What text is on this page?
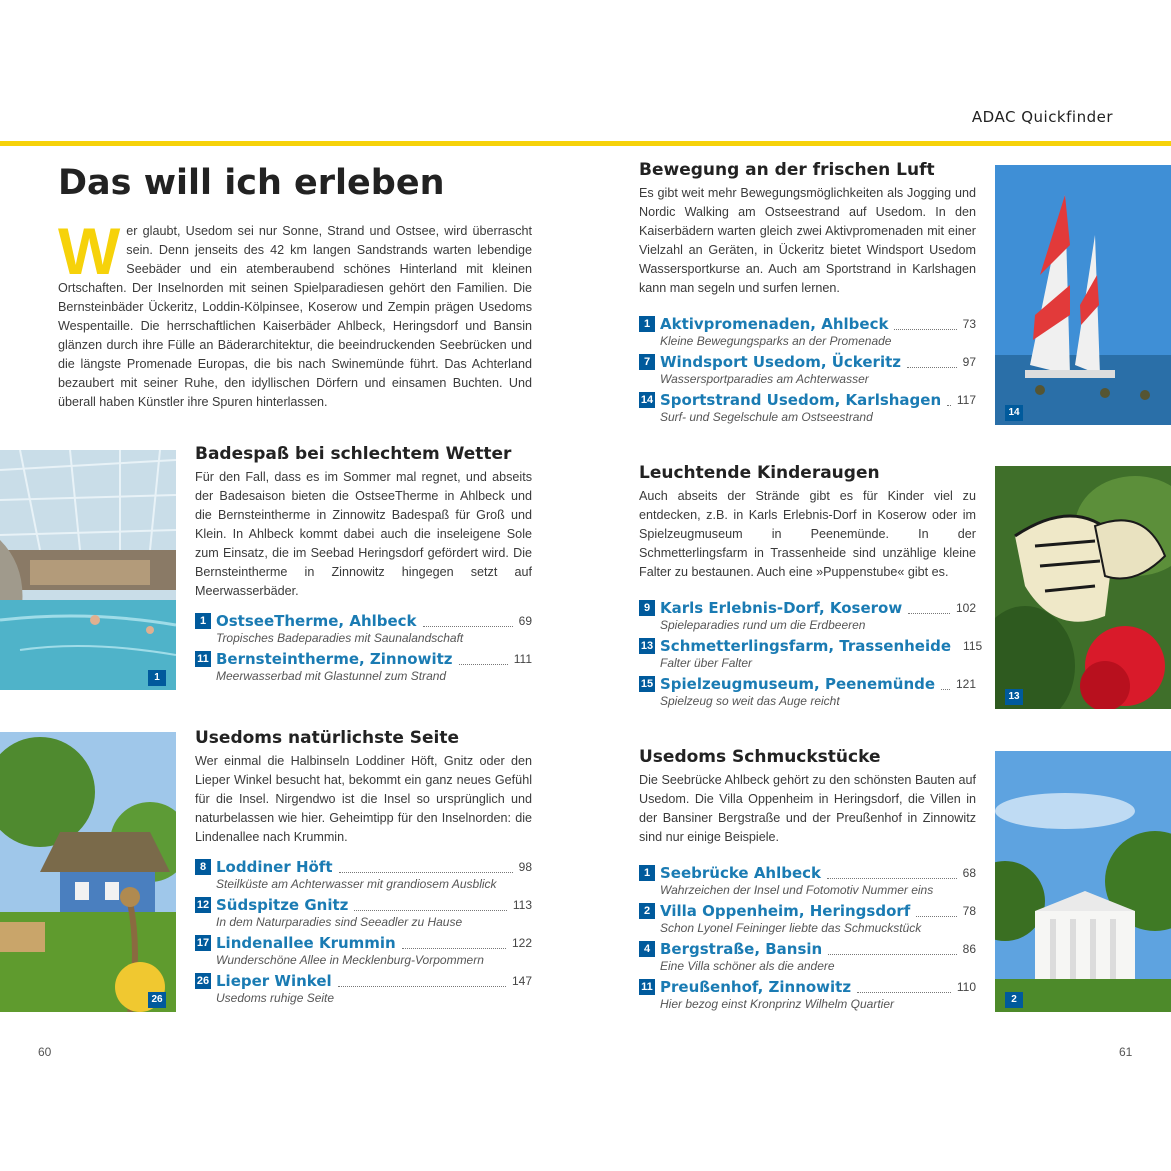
ADAC Quickfinder
Das will ich erleben
Wer glaubt, Usedom sei nur Sonne, Strand und Ostsee, wird überrascht sein. Denn jenseits des 42 km langen Sandstrands warten lebendige Seebäder und ein atemberaubend schönes Hinterland mit kleinen Ortschaften. Der Inselnorden mit seinen Spielparadiesen gehört den Familien. Die Bernsteinbäder Ückeritz, Loddin-Kölpinsee, Koserow und Zempin prägen Usedoms Wespentaille. Die herrschaftlichen Kaiserbäder Ahlbeck, Heringsdorf und Bansin glänzen durch ihre Fülle an Bäderarchitektur, die beeindruckenden Seebrücken und die längste Promenade Europas, die bis nach Swinemünde führt. Das Achterland bezaubert mit seiner Ruhe, den idyllischen Dörfern und einsamen Buchten. Und überall haben Künstler ihre Spuren hinterlassen.
1
26
14
13
2
Badespaß bei schlechtem Wetter

Für den Fall, dass es im Sommer mal regnet, und abseits der Badesaison bieten die OstseeTherme in Ahlbeck und die Bernsteintherme in Zinnowitz Badespaß für Groß und Klein. In Ahlbeck kommt dabei auch die inseleigene Sole zum Einsatz, die im Seebad Heringsdorf gefördert wird. Die Bernsteintherme in Zinnowitz hingegen setzt auf Meerwasserbäder.

1 OstseeTherme, Ahlbeck	69
Tropisches Badeparadies mit Saunalandschaft
11 Bernsteintherme, Zinnowitz	111
Meerwasserbad mit Glastunnel zum Strand
Usedoms natürlichste Seite

Wer einmal die Halbinseln Loddiner Höft, Gnitz oder den Lieper Winkel besucht hat, bekommt ein ganz neues Gefühl für die Insel. Nirgendwo ist die Insel so ursprünglich und naturbelassen wie hier. Geheimtipp für den Inselnorden: die Lindenallee nach Krummin.

8 Loddiner Höft	98
Steilküste am Achterwasser mit grandiosem Ausblick
12 Südspitze Gnitz	113
In dem Naturparadies sind Seeadler zu Hause
17 Lindenallee Krummin	122
Wunderschöne Allee in Mecklenburg-Vorpommern
26 Lieper Winkel	147
Usedoms ruhige Seite
Bewegung an der frischen Luft

Es gibt weit mehr Bewegungsmöglichkeiten als Jogging und Nordic Walking am Ostseestrand auf Usedom. In den Kaiserbädern warten gleich zwei Aktivpromenaden mit einer Vielzahl an Geräten, in Ückeritz bietet Windsport Usedom Wassersportkurse an. Auch am Sportstrand in Karlshagen kann man segeln und surfen lernen.

1 Aktivpromenaden, Ahlbeck	73
Kleine Bewegungsparks an der Promenade
7 Windsport Usedom, Ückeritz	97
Wassersportparadies am Achterwasser
14 Sportstrand Usedom, Karlshagen 117
Surf- und Segelschule am Ostseestrand
Leuchtende Kinderaugen

Auch abseits der Strände gibt es für Kinder viel zu entdecken, z.B. in Karls Erlebnis-Dorf in Koserow oder im Spielzeugmuseum in Peenemünde. In der Schmetterlingsfarm in Trassenheide sind unzählige kleine Falter zu bestaunen. Auch eine »Puppenstube« gibt es.

9 Karls Erlebnis-Dorf, Koserow	102
Spieleparadies rund um die Erdbeeren
13 Schmetterlingsfarm, Trassenheide 115
Falter über Falter
15 Spielzeugmuseum, Peenemünde 121
Spielzeug so weit das Auge reicht
Usedoms Schmuckstücke

Die Seebrücke Ahlbeck gehört zu den schönsten Bauten auf Usedom. Die Villa Oppenheim in Heringsdorf, die Villen in der Bansiner Bergstraße und der Preußenhof in Zinnowitz sind nur einige Beispiele.

1 Seebrücke Ahlbeck	68
Wahrzeichen der Insel und Fotomotiv Nummer eins
2 Villa Oppenheim, Heringsdorf	78
Schon Lyonel Feininger liebte das Schmuckstück
4 Bergstraße, Bansin	86
Eine Villa schöner als die andere
11 Preußenhof, Zinnowitz	110
Hier bezog einst Kronprinz Wilhelm Quartier
60	61
